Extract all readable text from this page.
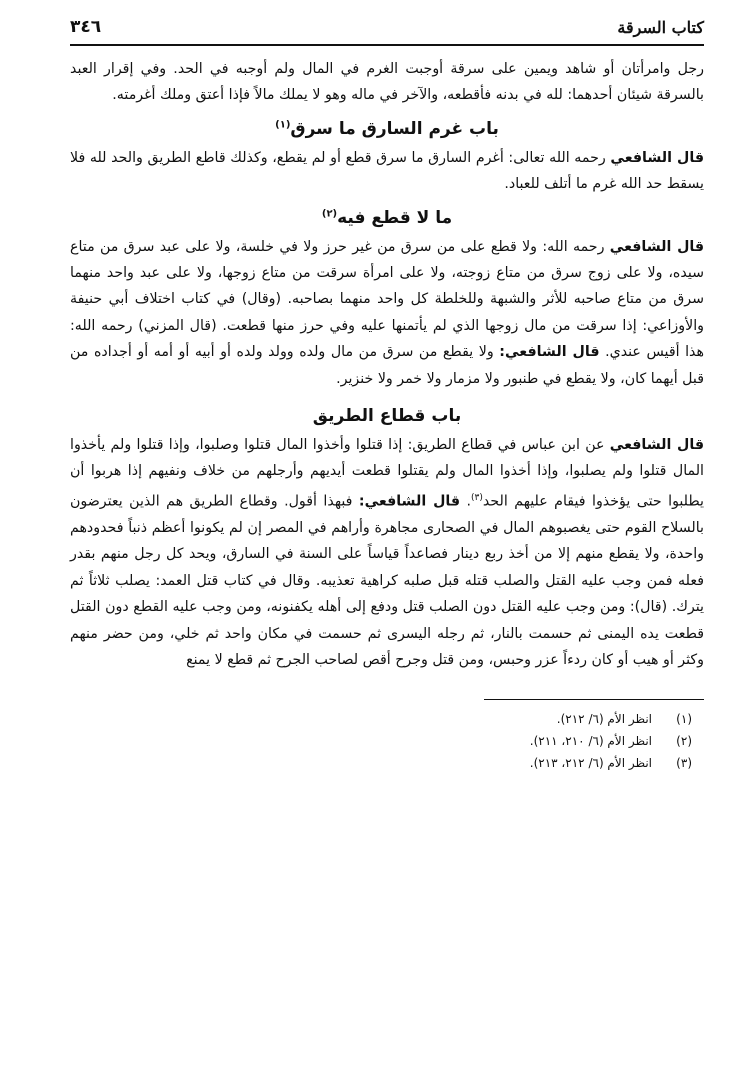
كتاب السرقة
٣٤٦

رجل وامرأتان أو شاهد ويمين على سرقة أوجبت الغرم في المال ولم أوجبه في الحد. وفي إقرار العبد بالسرقة شيئان أحدهما: لله في بدنه فأقطعه، والآخر في ماله وهو لا يملك مالاً فإذا أعتق وملك أغرمته.

باب غرم السارق ما سرق$^{(١)}$

قال الشافعي رحمه الله تعالى: أغرم السارق ما سرق قطع أو لم يقطع، وكذلك قاطع الطريق والحد لله فلا يسقط حد الله غرم ما أتلف للعباد.

ما لا قطع فيه$^{(٢)}$

قال الشافعي رحمه الله: ولا قطع على من سرق من غير حرز ولا في خلسة، ولا على عبد سرق من متاع سيده، ولا على زوج سرق من متاع زوجته، ولا على امرأة سرقت من متاع زوجها، ولا على عبد واحد منهما سرق من متاع صاحبه للأثر والشبهة وللخلطة كل واحد منهما بصاحبه. (وقال) في كتاب اختلاف أبي حنيفة والأوزاعي: إذا سرقت من مال زوجها الذي لم يأتمنها عليه وفي حرز منها قطعت. (قال المزني) رحمه الله: هذا أقيس عندي. قال الشافعي: ولا يقطع من سرق من مال ولده وولد ولده أو أبيه أو أمه أو أجداده من قبل أيهما كان، ولا يقطع في طنبور ولا مزمار ولا خمر ولا خنزير.

باب قطاع الطريق

قال الشافعي عن ابن عباس في قطاع الطريق: إذا قتلوا وأخذوا المال قتلوا وصلبوا، وإذا قتلوا ولم يأخذوا المال قتلوا ولم يصلبوا، وإذا أخذوا المال ولم يقتلوا قطعت أيديهم وأرجلهم من خلاف ونفيهم إذا هربوا أن يطلبوا حتى يؤخذوا فيقام عليهم الحد$^{(٣)}$. قال الشافعي: فبهذا أقول. وقطاع الطريق هم الذين يعترضون بالسلاح القوم حتى يغصبوهم المال في الصحارى مجاهرة وأراهم في المصر إن لم يكونوا أعظم ذنباً فحدودهم واحدة، ولا يقطع منهم إلا من أخذ ربع دينار فصاعداً قياساً على السنة في السارق، ويحد كل رجل منهم بقدر فعله فمن وجب عليه القتل والصلب قتله قبل صلبه كراهية تعذيبه. وقال في كتاب قتل العمد: يصلب ثلاثاً ثم يترك. (قال): ومن وجب عليه القتل دون الصلب قتل ودفع إلى أهله يكفنونه، ومن وجب عليه القطع دون القتل قطعت يده اليمنى ثم حسمت بالنار، ثم رجله اليسرى ثم حسمت في مكان واحد ثم خلي، ومن حضر منهم وكثر أو هيب أو كان ردءاً عزر وحبس، ومن قتل وجرح أقص لصاحب الجرح ثم قطع لا يمنع

(١)
انظر الأم (٦/ ٢١٢).
(٢)
انظر الأم (٦/ ٢١٠، ٢١١).
(٣)
انظر الأم (٦/ ٢١٢، ٢١٣).
